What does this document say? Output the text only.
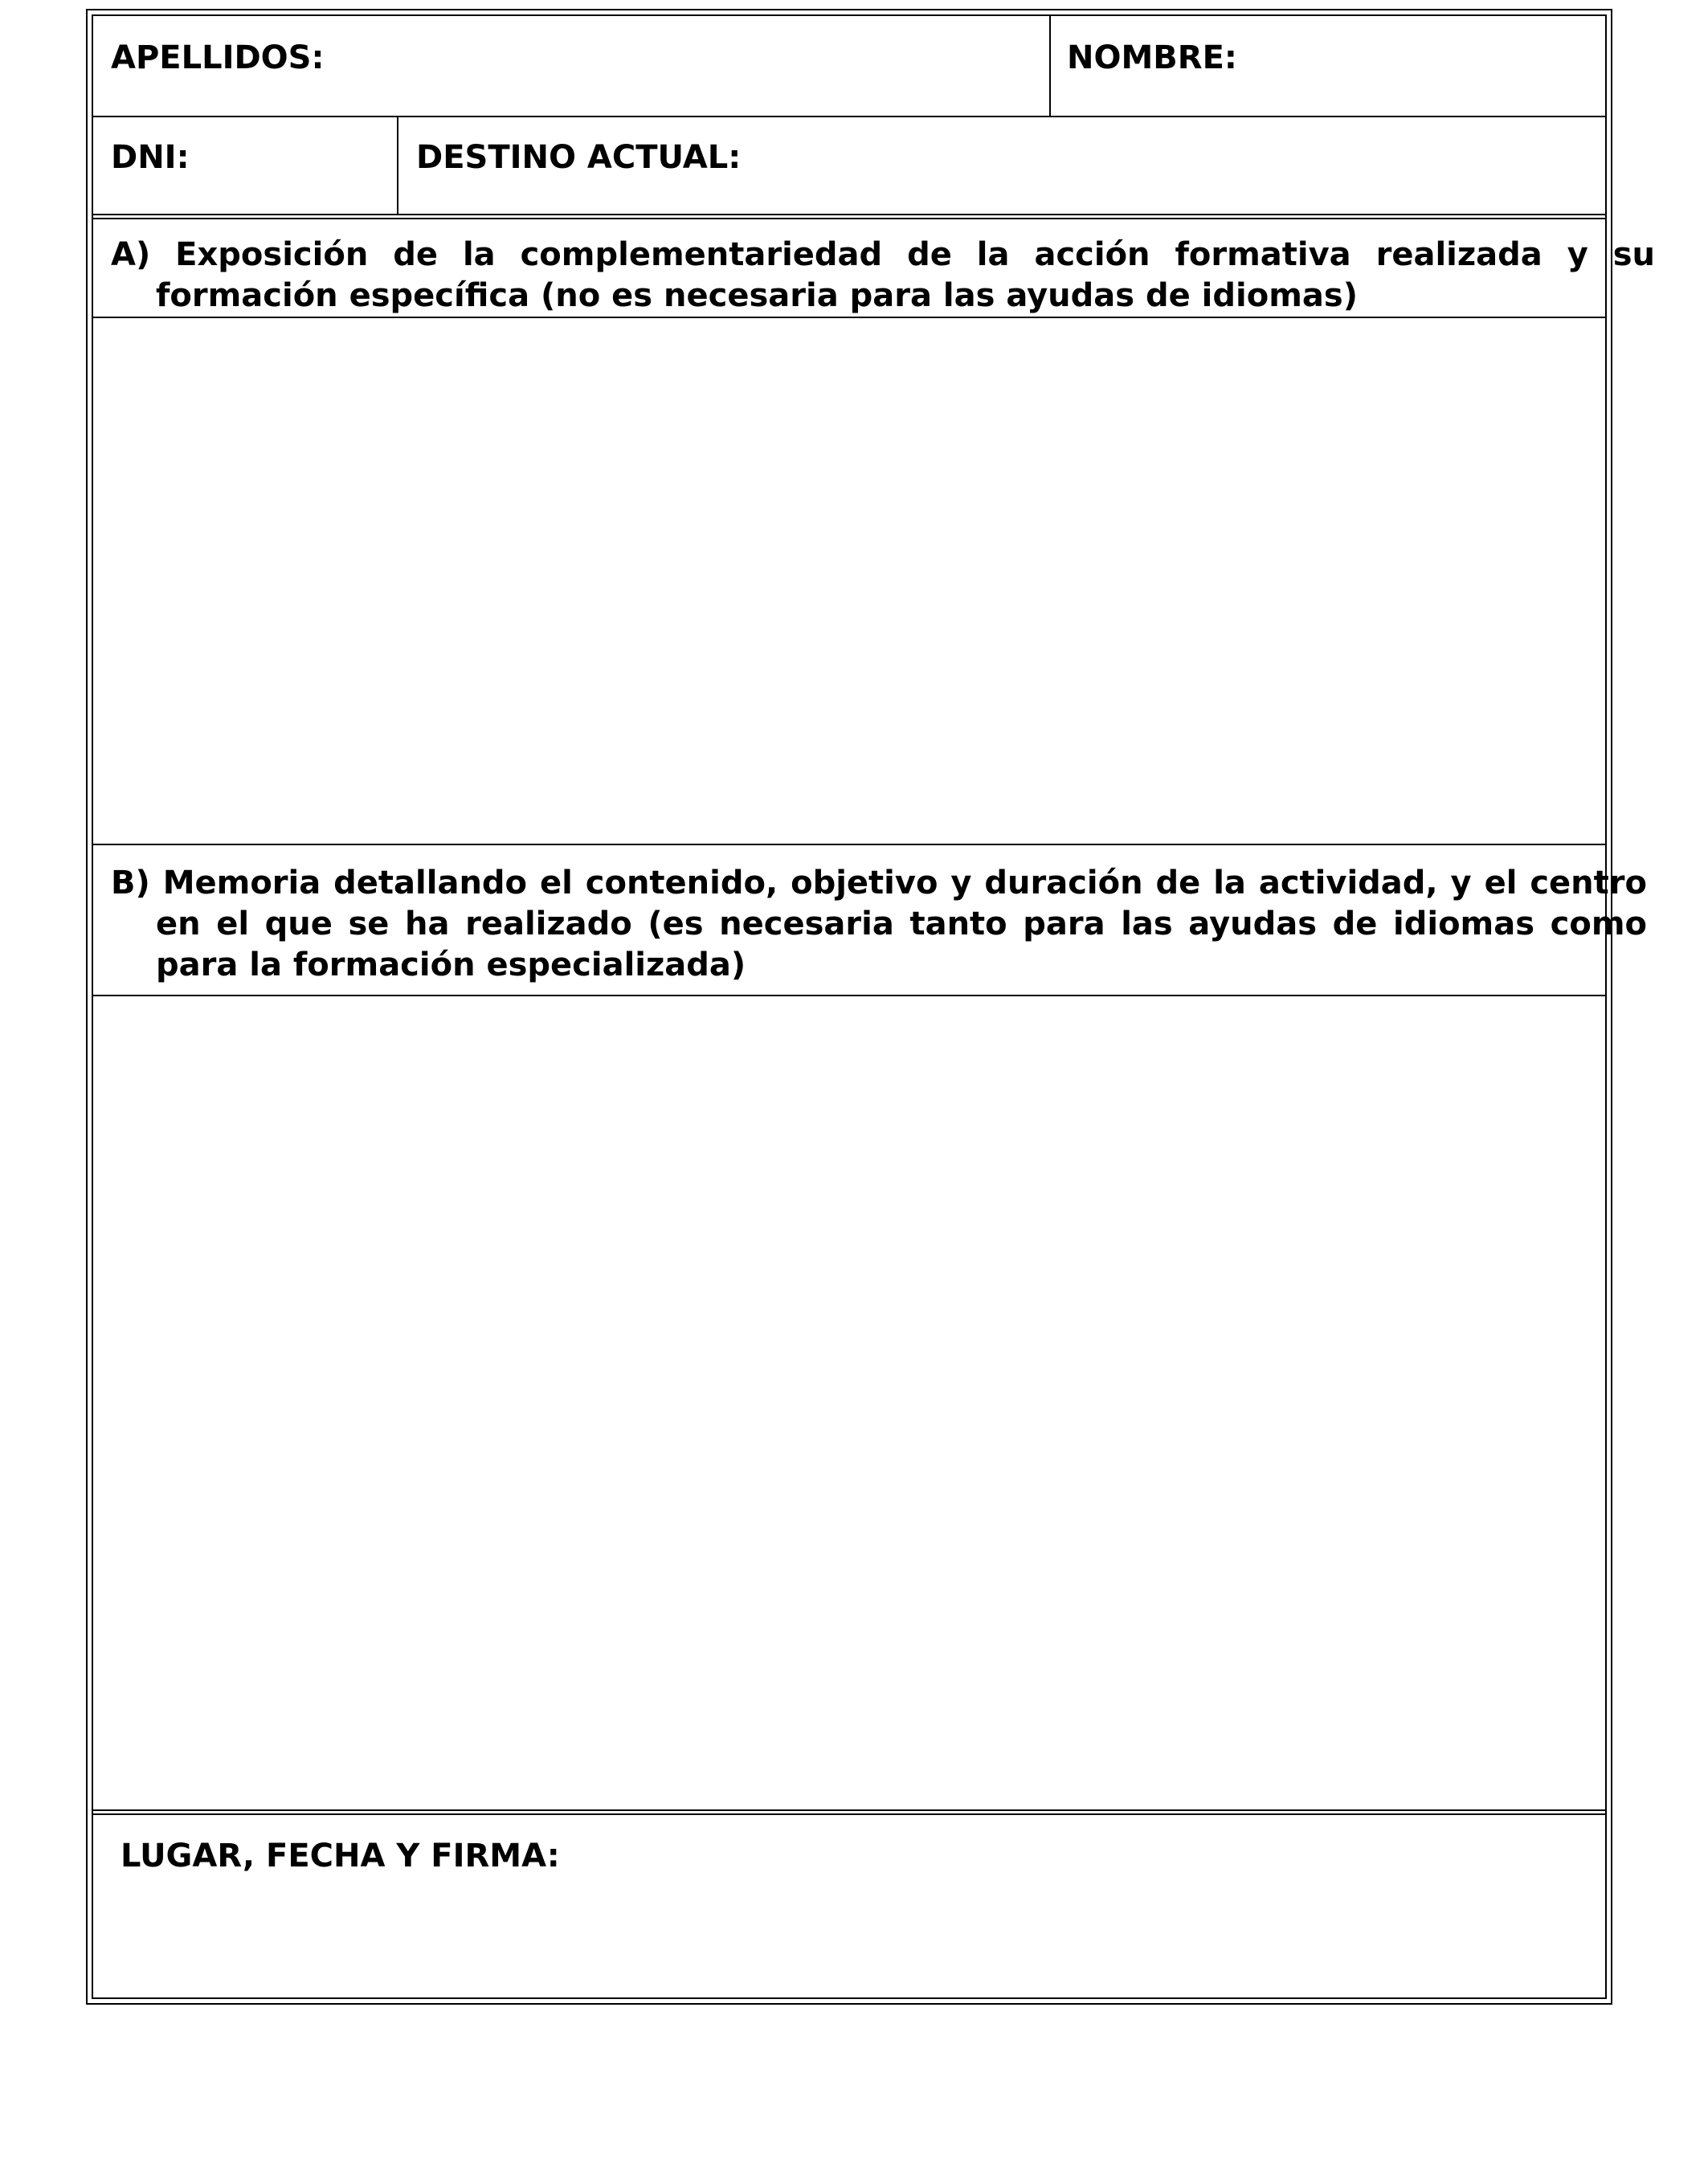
APELLIDOS:	NOMBRE:
DNI:	DESTINO ACTUAL:
A) Exposición de la complementariedad de la acción formativa realizada y su formación específica (no es necesaria para las ayudas de idiomas)
B) Memoria detallando el contenido, objetivo y duración de la actividad, y el centro en el que se ha realizado (es necesaria tanto para las ayudas de idiomas como para la formación especializada)
LUGAR, FECHA Y FIRMA:
